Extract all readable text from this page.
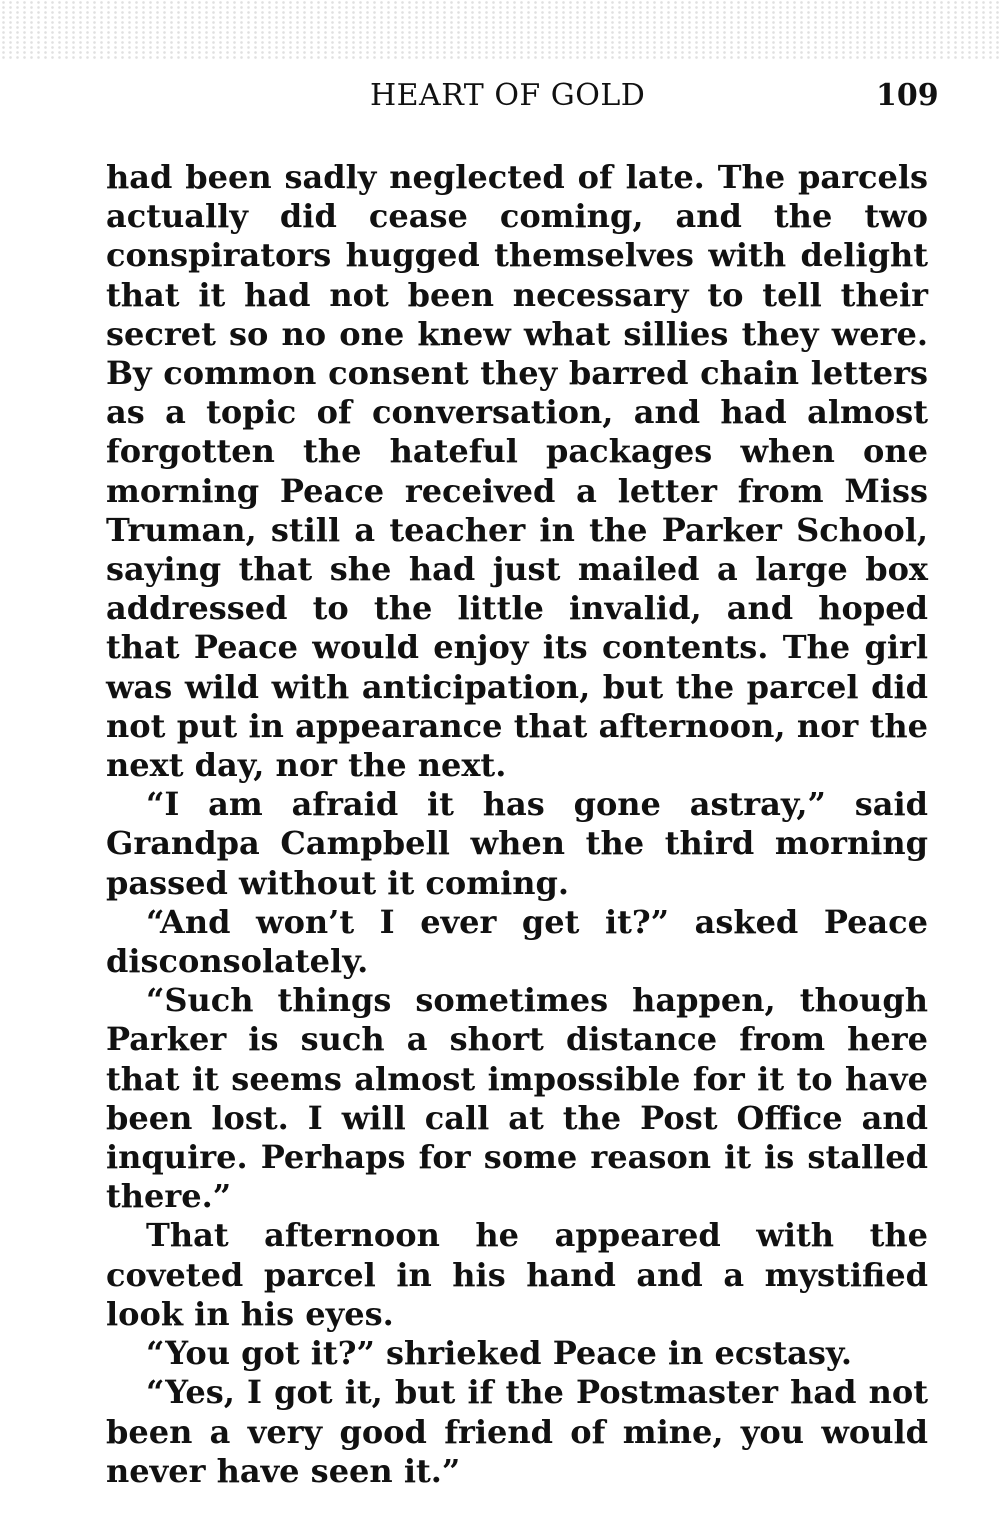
HEART OF GOLD	109

had been sadly neglected of late. The parcels actually did cease coming, and the two conspirators hugged themselves with delight that it had not been necessary to tell their secret so no one knew what sillies they were. By common consent they barred chain letters as a topic of conversation, and had almost forgotten the hateful packages when one morning Peace received a letter from Miss Truman, still a teacher in the Parker School, saying that she had just mailed a large box addressed to the little invalid, and hoped that Peace would enjoy its contents. The girl was wild with anticipation, but the parcel did not put in appearance that afternoon, nor the next day, nor the next.

“I am afraid it has gone astray,” said Grandpa Campbell when the third morning passed without it coming.

“And won’t I ever get it?” asked Peace disconsolately.

“Such things sometimes happen, though Parker is such a short distance from here that it seems almost impossible for it to have been lost. I will call at the Post Office and inquire. Perhaps for some reason it is stalled there.”

That afternoon he appeared with the coveted parcel in his hand and a mystified look in his eyes.

“You got it?” shrieked Peace in ecstasy.

“Yes, I got it, but if the Postmaster had not been a very good friend of mine, you would never have seen it.”
